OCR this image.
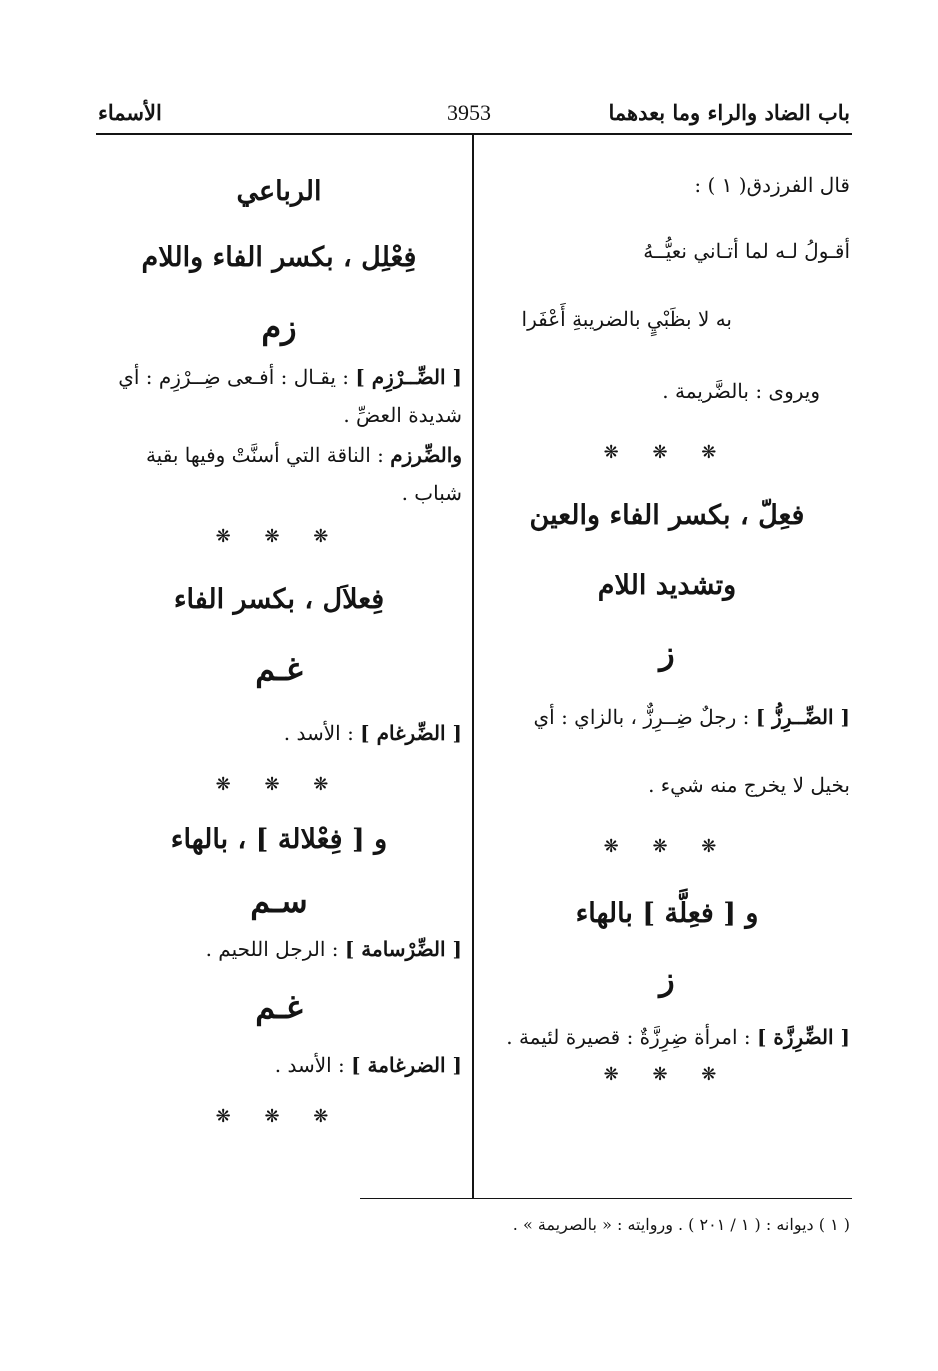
باب الضاد والراء وما بعدهما
3953
الأسماء

قال الفرزدق( ١ ) :

أقـولُ لـه لما أتـاني نعيُّــهُ

به لا بظَبْيٍ بالضريبةِ أَعْفَرا

ويروى : بالضَّريمة .

❋ ❋ ❋

فعِلّ ، بكسر الفاء والعين

وتشديد اللام

ز

[ الضِّــرِزُّ ] : رجلٌ ضِــرِزٌّ ، بالزاي : أي

بخيل لا يخرج منه شيء .

❋ ❋ ❋

و [ فعِلَّة ] بالهاء

ز

[ الضِّرِزَّة ] : امرأة ضِرِزَّةٌ : قصيرة لئيمة .

❋ ❋ ❋

الرباعي

فِعْلِل ، بكسر الفاء واللام

زم

[ الضِّــرْزِم ] : يقـال : أفـعى ضِــرْزِم : أي

شديدة العضِّ .

والضِّرزم : الناقة التي أسنَّتْ وفيها بقية

شباب .

❋ ❋ ❋

فِعلاَل ، بكسر الفاء

غـم

[ الضِّرغام ] : الأسد .

❋ ❋ ❋

و [ فِعْلالة ] ، بالهاء

سـم

[ الضِّرْسامة ] : الرجل اللحيم .

غـم

[ الضرغامة ] : الأسد .

❋ ❋ ❋

( ١ ) ديوانه : ( ١ / ٢٠١ ) . وروايته : « بالصريمة » .
